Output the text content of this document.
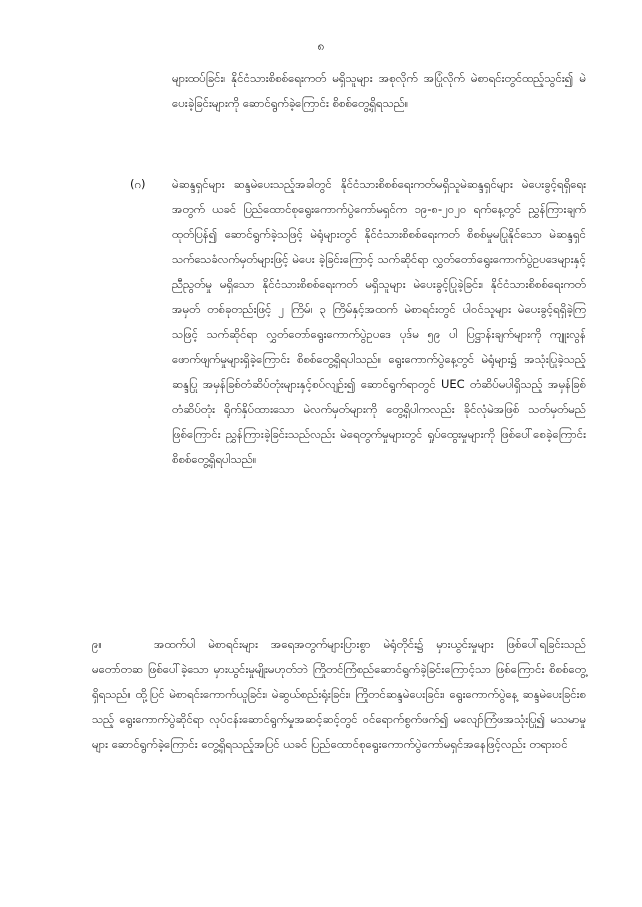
၈
များထပ်ခြင်း၊ နိုင်ငံသားစိစစ်ရေးကတ် မရှိသူများ အစုလိုက် အပြုံလိုက် မဲစာရင်းတွင်ထည့်သွင်း၍ မဲပေးခဲ့ခြင်းများကို ဆောင်ရွက်ခဲ့ကြောင်း စိစစ်တွေ့ရှိရသည်။
(ဂ) မဲဆန္ဒရှင်များ ဆန္ဒမဲပေးသည့်အခါတွင် နိုင်ငံသားစိစစ်ရေးကတ်မရှိသူမဲဆန္ဒရှင်များ မဲပေးခွင့်ရရှိရေးအတွက် ယခင် ပြည်ထောင်စုရွေးကောက်ပွဲကော်မရှင်က ၁၉-၈-၂၀၂၀ ရက်နေ့တွင် ညွှန်ကြားချက်ထုတ်ပြန်၍ ဆောင်ရွက်ခဲ့သဖြင့် မဲရုံများတွင် နိုင်ငံသားစိစစ်ရေးကတ် စိစစ်မှုမပြုနိုင်သော မဲဆန္ဒရှင်သက်သေခံလက်မှတ်များဖြင့် မဲပေး ခဲ့ခြင်းကြောင့် သက်ဆိုင်ရာ လွှတ်တော်ရွေးကောက်ပွဲဥပဒေများနှင့် ညီညွတ်မှု မရှိသော နိုင်ငံသားစိစစ်ရေးကတ် မရှိသူများ မဲပေးခွင့်ပြုခဲ့ခြင်း၊ နိုင်ငံသားစိစစ်ရေးကတ်အမှတ် တစ်ခုတည်းဖြင့် ၂ ကြိမ်၊ ၃ ကြိမ်နှင့်အထက် မဲစာရင်းတွင် ပါဝင်သူများ မဲပေးခွင့်ရရှိခဲ့ကြသဖြင့် သက်ဆိုင်ရာ လွှတ်တော်ရွေးကောက်ပွဲဥပဒေ ပုဒ်မ ၅၉ ပါ ပြဋ္ဌာန်းချက်များကို ကျူးလွန် ဖောက်ဖျက်မှုများရှိခဲ့ကြောင်း စိစစ်တွေ့ရှိရပါသည်။ ရွေးကောက်ပွဲနေ့တွင် မဲရုံများ၌ အသုံးပြုခဲ့သည့် ဆန္ဒပြု အမှန်ခြစ်တံဆိပ်တုံးများနှင့်စပ်လျဉ်း၍ ဆောင်ရွက်ရာတွင် UEC တံဆိပ်မပါရှိသည့် အမှန်ခြစ်တံဆိပ်တုံး ရိုက်နှိပ်ထားသော မဲလက်မှတ်များကို တွေ့ရှိပါကလည်း ခိုင်လုံမဲအဖြစ် သတ်မှတ်မည် ဖြစ်ကြောင်း ညွှန်ကြားခဲ့ခြင်းသည်လည်း မဲရေတွက်မှုများတွင် ရှုပ်ထွေးမှုများကို ဖြစ်ပေါ်စေခဲ့ကြောင်း စိစစ်တွေ့ရှိရပါသည်။
၉။	အထက်ပါ မဲစာရင်းများ အရေအတွက်များပြားစွာ မဲရုံတိုင်း၌ မှားယွင်းမှုများ ဖြစ်ပေါ်ရခြင်းသည် မတော်တဆ ဖြစ်ပေါ်ခဲ့သော မှားယွင်းမှုမျိုးမဟုတ်ဘဲ ကြိုတင်ကြံစည်ဆောင်ရွက်ခဲ့ခြင်းကြောင့်သာ ဖြစ်ကြောင်း စိစစ်တွေ့ရှိရသည်။ ထို့ပြင် မဲစာရင်းကောက်ယူခြင်း၊ မဲဆွယ်စည်းရုံးခြင်း၊ ကြိုတင်ဆန္ဒမဲပေးခြင်း၊ ရွေးကောက်ပွဲနေ့ ဆန္ဒမဲပေးခြင်းစသည့် ရွေးကောက်ပွဲဆိုင်ရာ လုပ်ငန်းဆောင်ရွက်မှုအဆင့်ဆင့်တွင် ဝင်ရောက်စွက်ဖက်၍ မလျော်ကြံဖအသုံးပြု၍ မသမာမှုများ ဆောင်ရွက်ခဲ့ကြောင်း တွေ့ရှိရသည့်အပြင် ယခင် ပြည်ထောင်စုရွေးကောက်ပွဲကော်မရှင်အနေဖြင့်လည်း တရားဝင်
